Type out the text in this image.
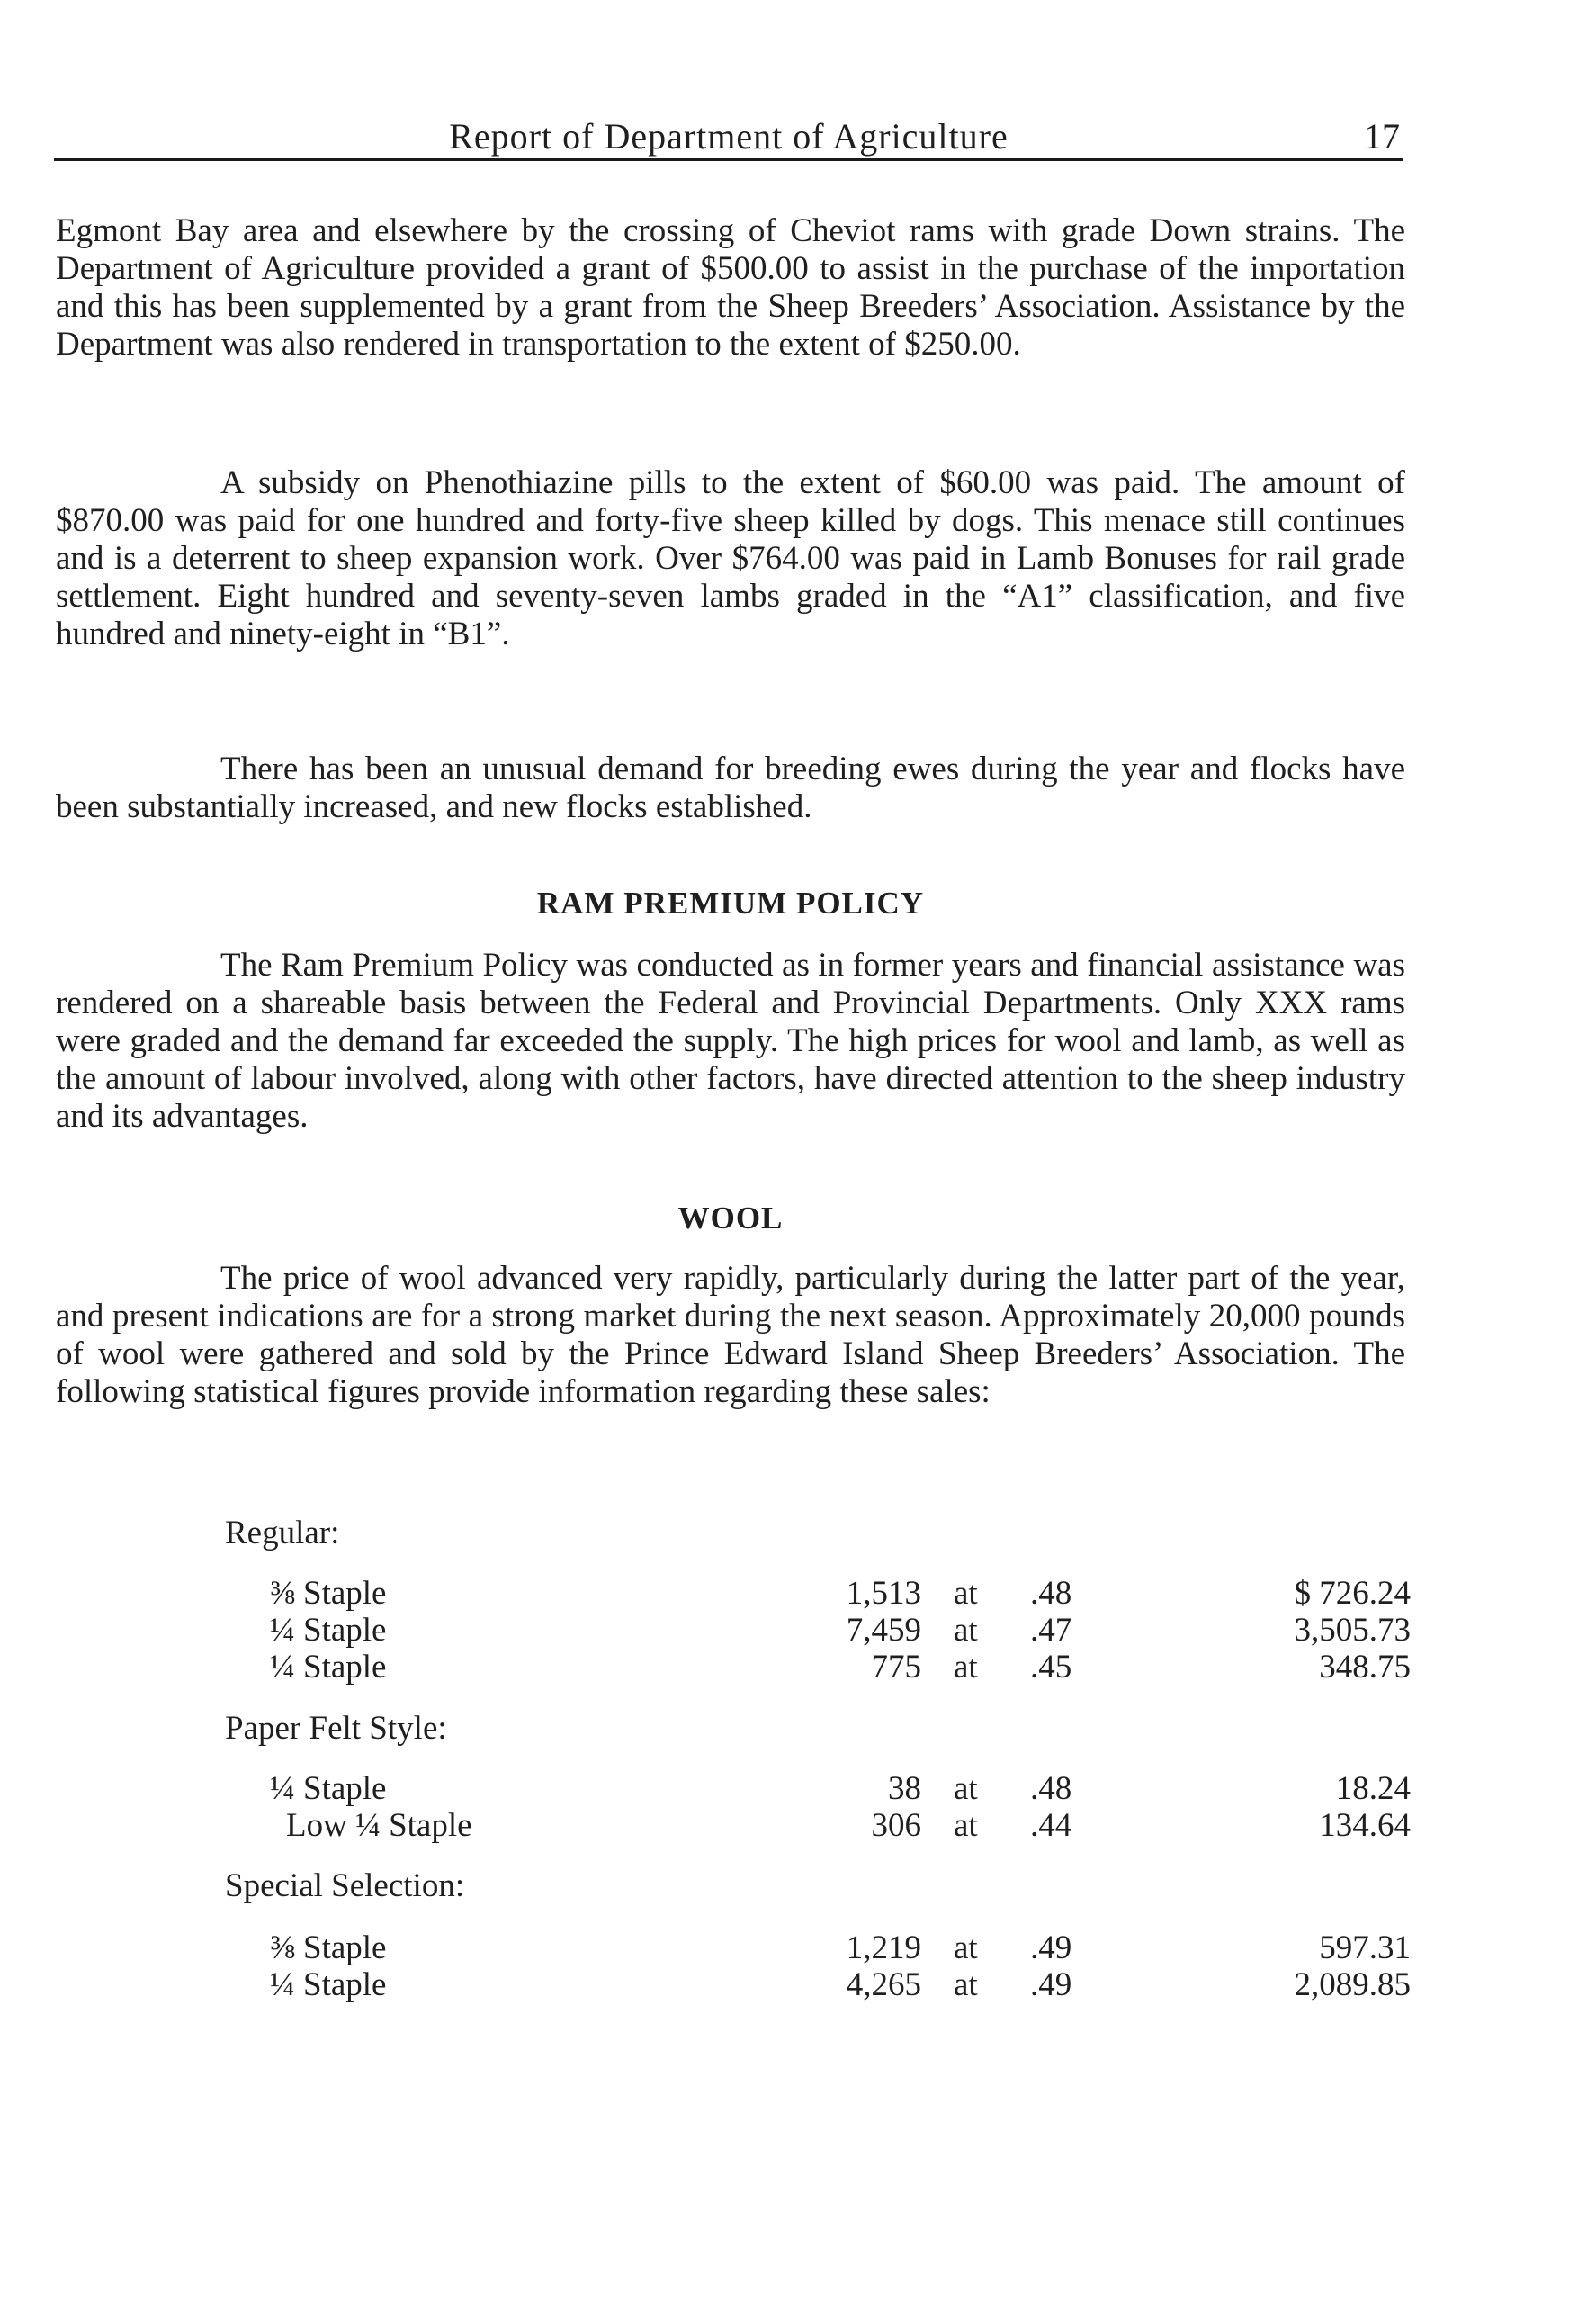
Report of Department of Agriculture	17

Egmont Bay area and elsewhere by the crossing of Cheviot rams with grade Down strains. The Department of Agriculture provided a grant of $500.00 to assist in the purchase of the importation and this has been supplemented by a grant from the Sheep Breeders’ Association. Assistance by the Department was also rendered in transportation to the extent of $250.00.

A subsidy on Phenothiazine pills to the extent of $60.00 was paid. The amount of $870.00 was paid for one hundred and forty-five sheep killed by dogs. This menace still continues and is a deterrent to sheep expansion work. Over $764.00 was paid in Lamb Bonuses for rail grade settlement. Eight hundred and seventy-seven lambs graded in the “A1” classification, and five hundred and ninety-eight in “B1”.

There has been an unusual demand for breeding ewes during the year and flocks have been substantially increased, and new flocks established.

RAM PREMIUM POLICY

The Ram Premium Policy was conducted as in former years and financial assistance was rendered on a shareable basis between the Federal and Provincial Departments. Only XXX rams were graded and the demand far exceeded the supply. The high prices for wool and lamb, as well as the amount of labour involved, along with other factors, have directed attention to the sheep industry and its advantages.

WOOL

The price of wool advanced very rapidly, particularly during the latter part of the year, and present indications are for a strong market during the next season. Approximately 20,000 pounds of wool were gathered and sold by the Prince Edward Island Sheep Breeders’ Association. The following statistical figures provide information regarding these sales:

Regular:
⅜ Staple	1,513 at .48	$ 726.24
¼ Staple	7,459 at .47	3,505.73
¼ Staple	775 at .45	348.75
Paper Felt Style:
¼ Staple	38 at .48	18.24
Low ¼ Staple	306 at .44	134.64
Special Selection:
⅜ Staple	1,219 at .49	597.31
¼ Staple	4,265 at .49	2,089.85
